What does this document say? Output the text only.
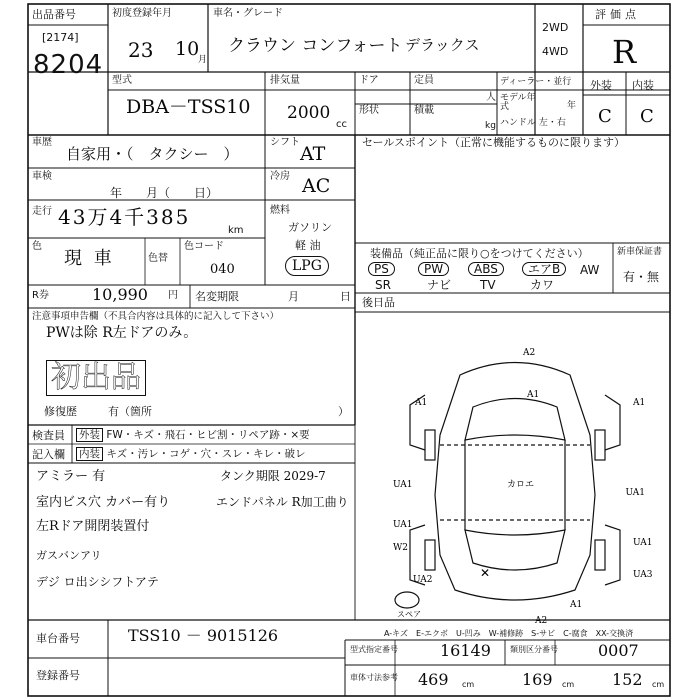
出品番号
[2174]
8204
初度登録年月
23 10
月
車名・グレード
クラウン コンフォート デラックス
2WD
4WD
評価点
R
型式
DBA－TSS10
排気量
2000
cc
ドア
形状
定員
人
積載
kg
ディーラー・並行
モデル年式	年
ハンドル 左・右
外装 内装
C C
車歴
自家用・（　タクシー　）
シフト
AT
車検
年　　月（　　日）
冷房 AC
走行 43万4千385
km
燃料
ガソリン
軽 油
LPG
色
現 車	色替
色コード
040
R券	10,990 円 名変期限	月	日
注意事項申告欄（不具合内容は具体的に記入して下さい）
PWは除 R左ドアのみ。
初出品
修復歴	有（箇所	）
セールスポイント（正常に機能するものに限ります）
装備品（純正品に限り○をつけてください）	新車保証書
有・無
PS	PW	ABS	エアB	AW
SR	ナビ TV	カワ
後日品
検査員
記入欄
外装 FW・キズ・飛石・ヒビ割・リペア跡・×要
内装 キズ・汚レ・コゲ・穴・スレ・キレ・破レ
アミラー 有	タンク期限 2029-7
室内ビス穴 カバー有り	エンドパネル R加工曲り
左Rドア開閉装置付
ガスバンアリ
デジ ロ出シシフトアテ
A2
A1
A1
A1
UA1
UA1
UA1
カロエ
UA1
W2
UA2	UA3
A2
A1
スペア
✕
A-キズ　E-エクボ　U-凹み　W-補修跡　S-サビ　C-腐食　XX-交換済
車台番号	TSS10 － 9015126
登録番号
型式指定番号	16149 類別区分番号	0007
車体寸法参考 469 cm	169 cm 152 cm
